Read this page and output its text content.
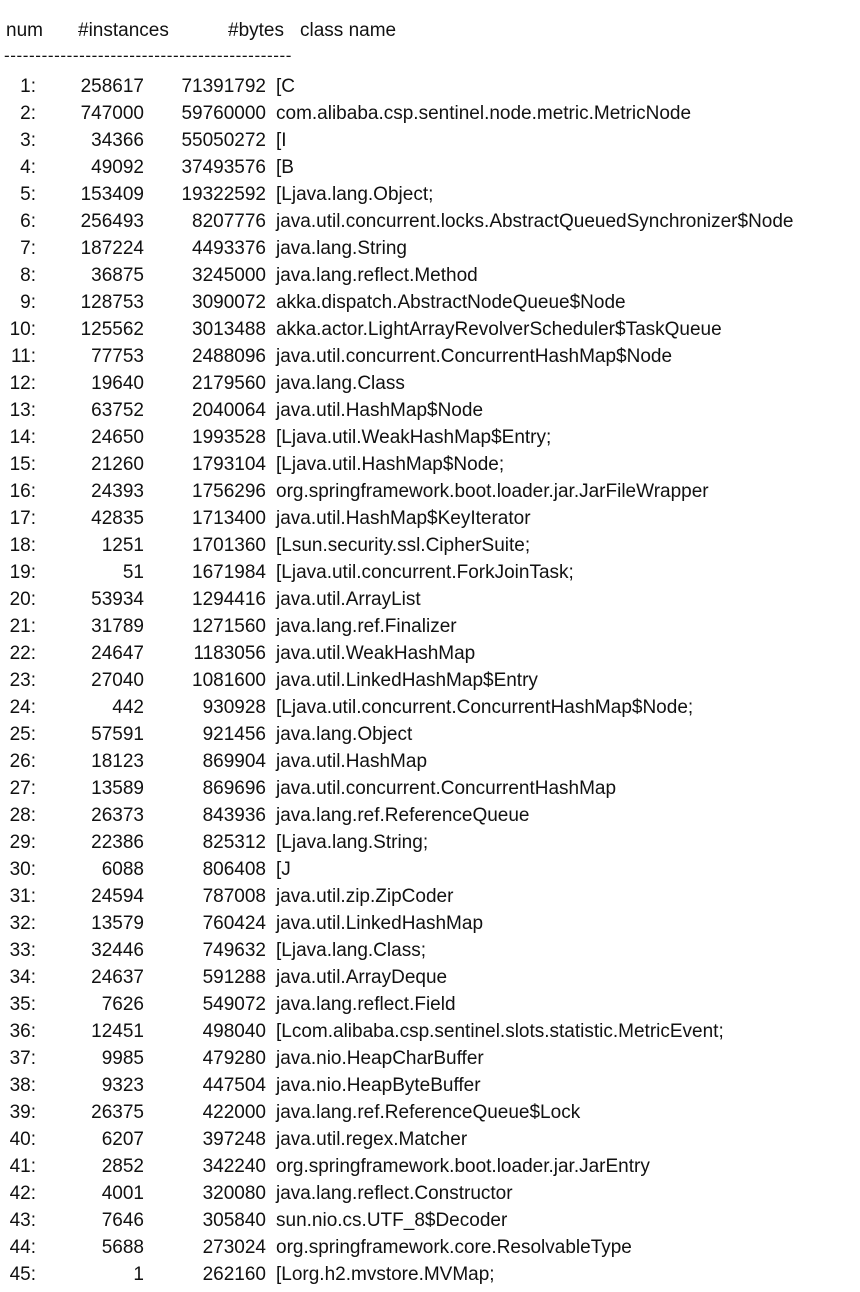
num #instances	#bytes class name
----------------------------------------------
1:	258617	71391792 [C
2:	747000	59760000 com.alibaba.csp.sentinel.node.metric.MetricNode
3:	34366	55050272 [I
4:	49092	37493576 [B
5:	153409	19322592 [Ljava.lang.Object;
6:	256493	8207776 java.util.concurrent.locks.AbstractQueuedSynchronizer$Node
7:	187224	4493376 java.lang.String
8:	36875	3245000 java.lang.reflect.Method
9:	128753	3090072 akka.dispatch.AbstractNodeQueue$Node
10:	125562	3013488 akka.actor.LightArrayRevolverScheduler$TaskQueue
11:	77753	2488096 java.util.concurrent.ConcurrentHashMap$Node
12:	19640	2179560 java.lang.Class
13:	63752	2040064 java.util.HashMap$Node
14:	24650	1993528 [Ljava.util.WeakHashMap$Entry;
15:	21260	1793104 [Ljava.util.HashMap$Node;
16:	24393	1756296 org.springframework.boot.loader.jar.JarFileWrapper
17:	42835	1713400 java.util.HashMap$KeyIterator
18:	1251	1701360 [Lsun.security.ssl.CipherSuite;
19:	51	1671984 [Ljava.util.concurrent.ForkJoinTask;
20:	53934	1294416 java.util.ArrayList
21:	31789	1271560 java.lang.ref.Finalizer
22:	24647	1183056 java.util.WeakHashMap
23:	27040	1081600 java.util.LinkedHashMap$Entry
24:	442	930928 [Ljava.util.concurrent.ConcurrentHashMap$Node;
25:	57591	921456 java.lang.Object
26:	18123	869904 java.util.HashMap
27:	13589	869696 java.util.concurrent.ConcurrentHashMap
28:	26373	843936 java.lang.ref.ReferenceQueue
29:	22386	825312 [Ljava.lang.String;
30:	6088	806408 [J
31:	24594	787008 java.util.zip.ZipCoder
32:	13579	760424 java.util.LinkedHashMap
33:	32446	749632 [Ljava.lang.Class;
34:	24637	591288 java.util.ArrayDeque
35:	7626	549072 java.lang.reflect.Field
36:	12451	498040 [Lcom.alibaba.csp.sentinel.slots.statistic.MetricEvent;
37:	9985	479280 java.nio.HeapCharBuffer
38:	9323	447504 java.nio.HeapByteBuffer
39:	26375	422000 java.lang.ref.ReferenceQueue$Lock
40:	6207	397248 java.util.regex.Matcher
41:	2852	342240 org.springframework.boot.loader.jar.JarEntry
42:	4001	320080 java.lang.reflect.Constructor
43:	7646	305840 sun.nio.cs.UTF_8$Decoder
44:	5688	273024 org.springframework.core.ResolvableType
45:	1	262160 [Lorg.h2.mvstore.MVMap;
